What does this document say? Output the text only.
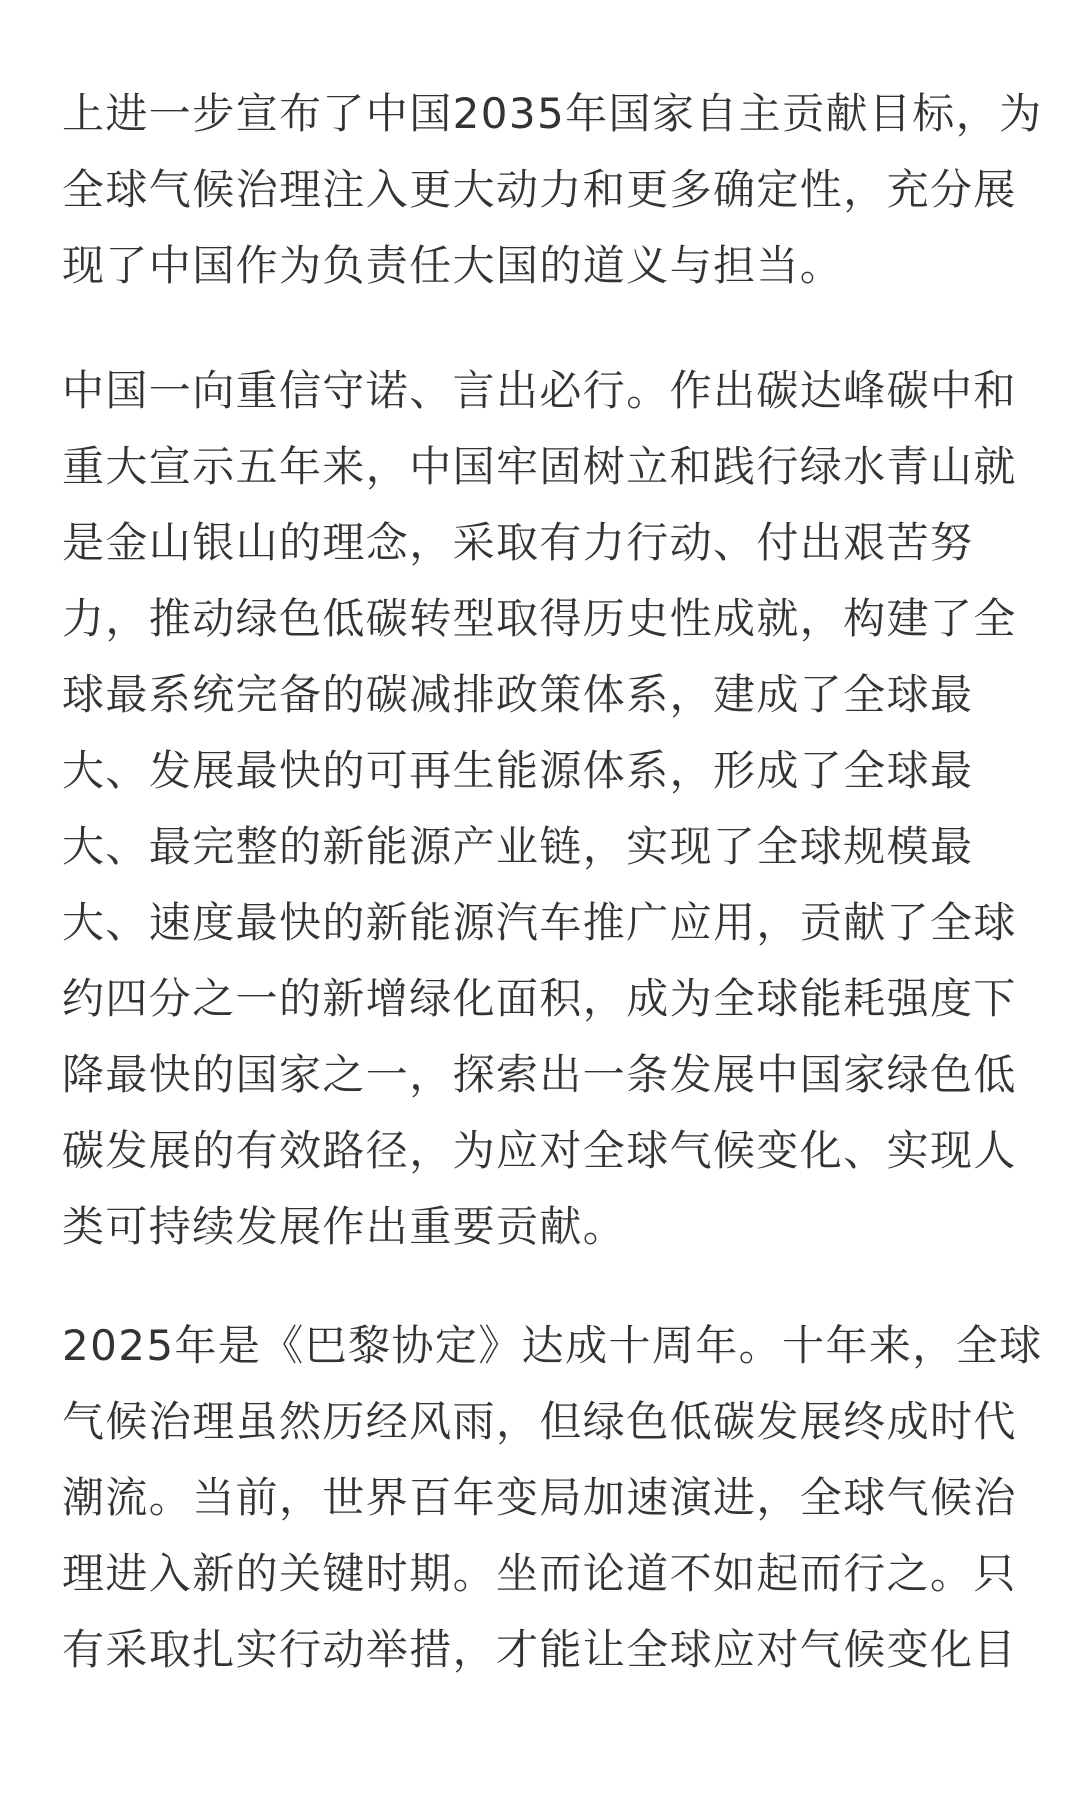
上进一步宣布了中国2035年国家自主贡献目标，为
全球气候治理注入更大动力和更多确定性，充分展
现了中国作为负责任大国的道义与担当。

中国一向重信守诺、言出必行。作出碳达峰碳中和
重大宣示五年来，中国牢固树立和践行绿水青山就
是金山银山的理念，采取有力行动、付出艰苦努
力，推动绿色低碳转型取得历史性成就，构建了全
球最系统完备的碳减排政策体系，建成了全球最
大、发展最快的可再生能源体系，形成了全球最
大、最完整的新能源产业链，实现了全球规模最
大、速度最快的新能源汽车推广应用，贡献了全球
约四分之一的新增绿化面积，成为全球能耗强度下
降最快的国家之一，探索出一条发展中国家绿色低
碳发展的有效路径，为应对全球气候变化、实现人
类可持续发展作出重要贡献。

2025年是《巴黎协定》达成十周年。十年来，全球
气候治理虽然历经风雨，但绿色低碳发展终成时代
潮流。当前，世界百年变局加速演进，全球气候治
理进入新的关键时期。坐而论道不如起而行之。只
有采取扎实行动举措，才能让全球应对气候变化目
